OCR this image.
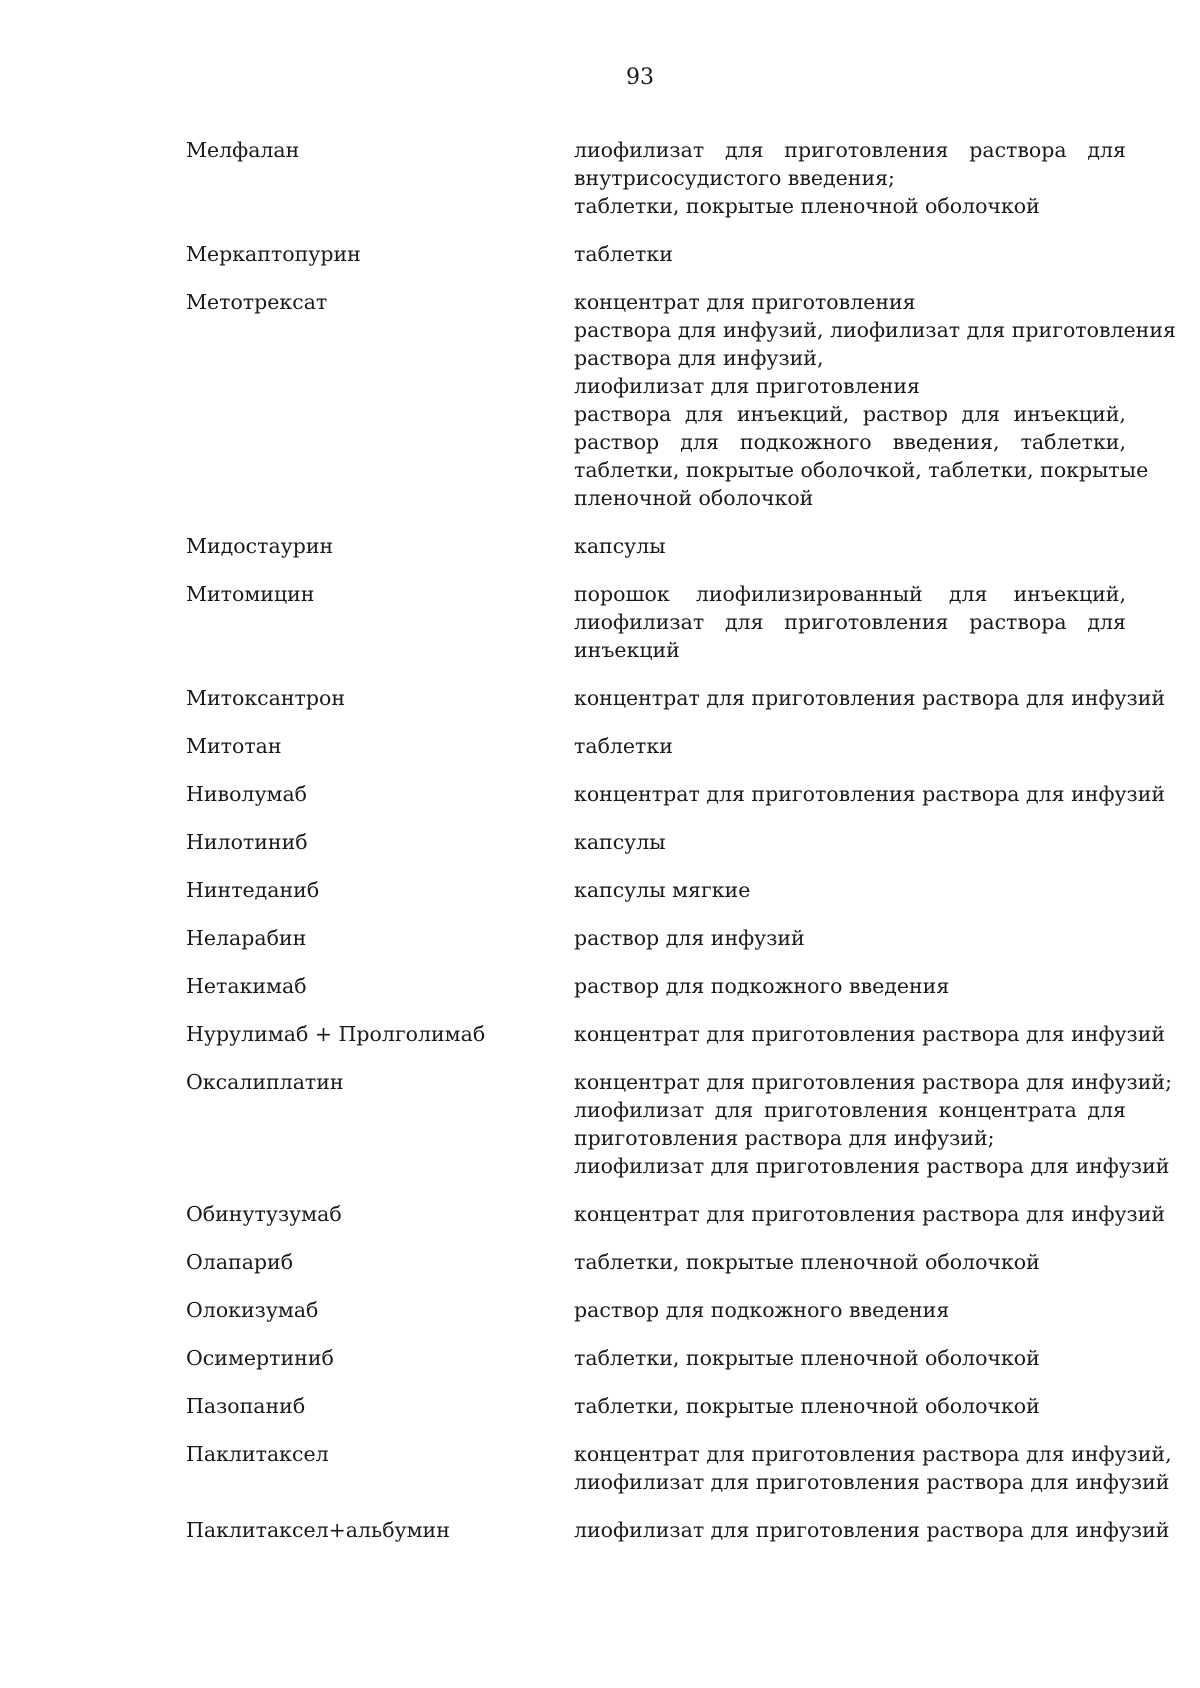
93
Мелфалан	лиофилизат для приготовления раствора для
внутрисосудистого введения;
таблетки, покрытые пленочной оболочкой
Меркаптопурин	таблетки
Метотрексат	концентрат для приготовления
раствора для инфузий, лиофилизат для приготовления
раствора для инфузий,
лиофилизат для приготовления
раствора для инъекций, раствор для инъекций,
раствор для подкожного введения, таблетки,
таблетки, покрытые оболочкой, таблетки, покрытые
пленочной оболочкой
Мидостаурин	капсулы
Митомицин	порошок лиофилизированный для инъекций,
лиофилизат для приготовления раствора для
инъекций
Митоксантрон	концентрат для приготовления раствора для инфузий
Митотан	таблетки
Ниволумаб	концентрат для приготовления раствора для инфузий
Нилотиниб	капсулы
Нинтеданиб	капсулы мягкие
Неларабин	раствор для инфузий
Нетакимаб	раствор для подкожного введения
Нурулимаб + Пролголимаб	концентрат для приготовления раствора для инфузий
Оксалиплатин	концентрат для приготовления раствора для инфузий;
лиофилизат для приготовления концентрата для
приготовления раствора для инфузий;
лиофилизат для приготовления раствора для инфузий
Обинутузумаб	концентрат для приготовления раствора для инфузий
Олапариб	таблетки, покрытые пленочной оболочкой
Олокизумаб	раствор для подкожного введения
Осимертиниб	таблетки, покрытые пленочной оболочкой
Пазопаниб	таблетки, покрытые пленочной оболочкой
Паклитаксел	концентрат для приготовления раствора для инфузий,
лиофилизат для приготовления раствора для инфузий
Паклитаксел+альбумин	лиофилизат для приготовления раствора для инфузий
